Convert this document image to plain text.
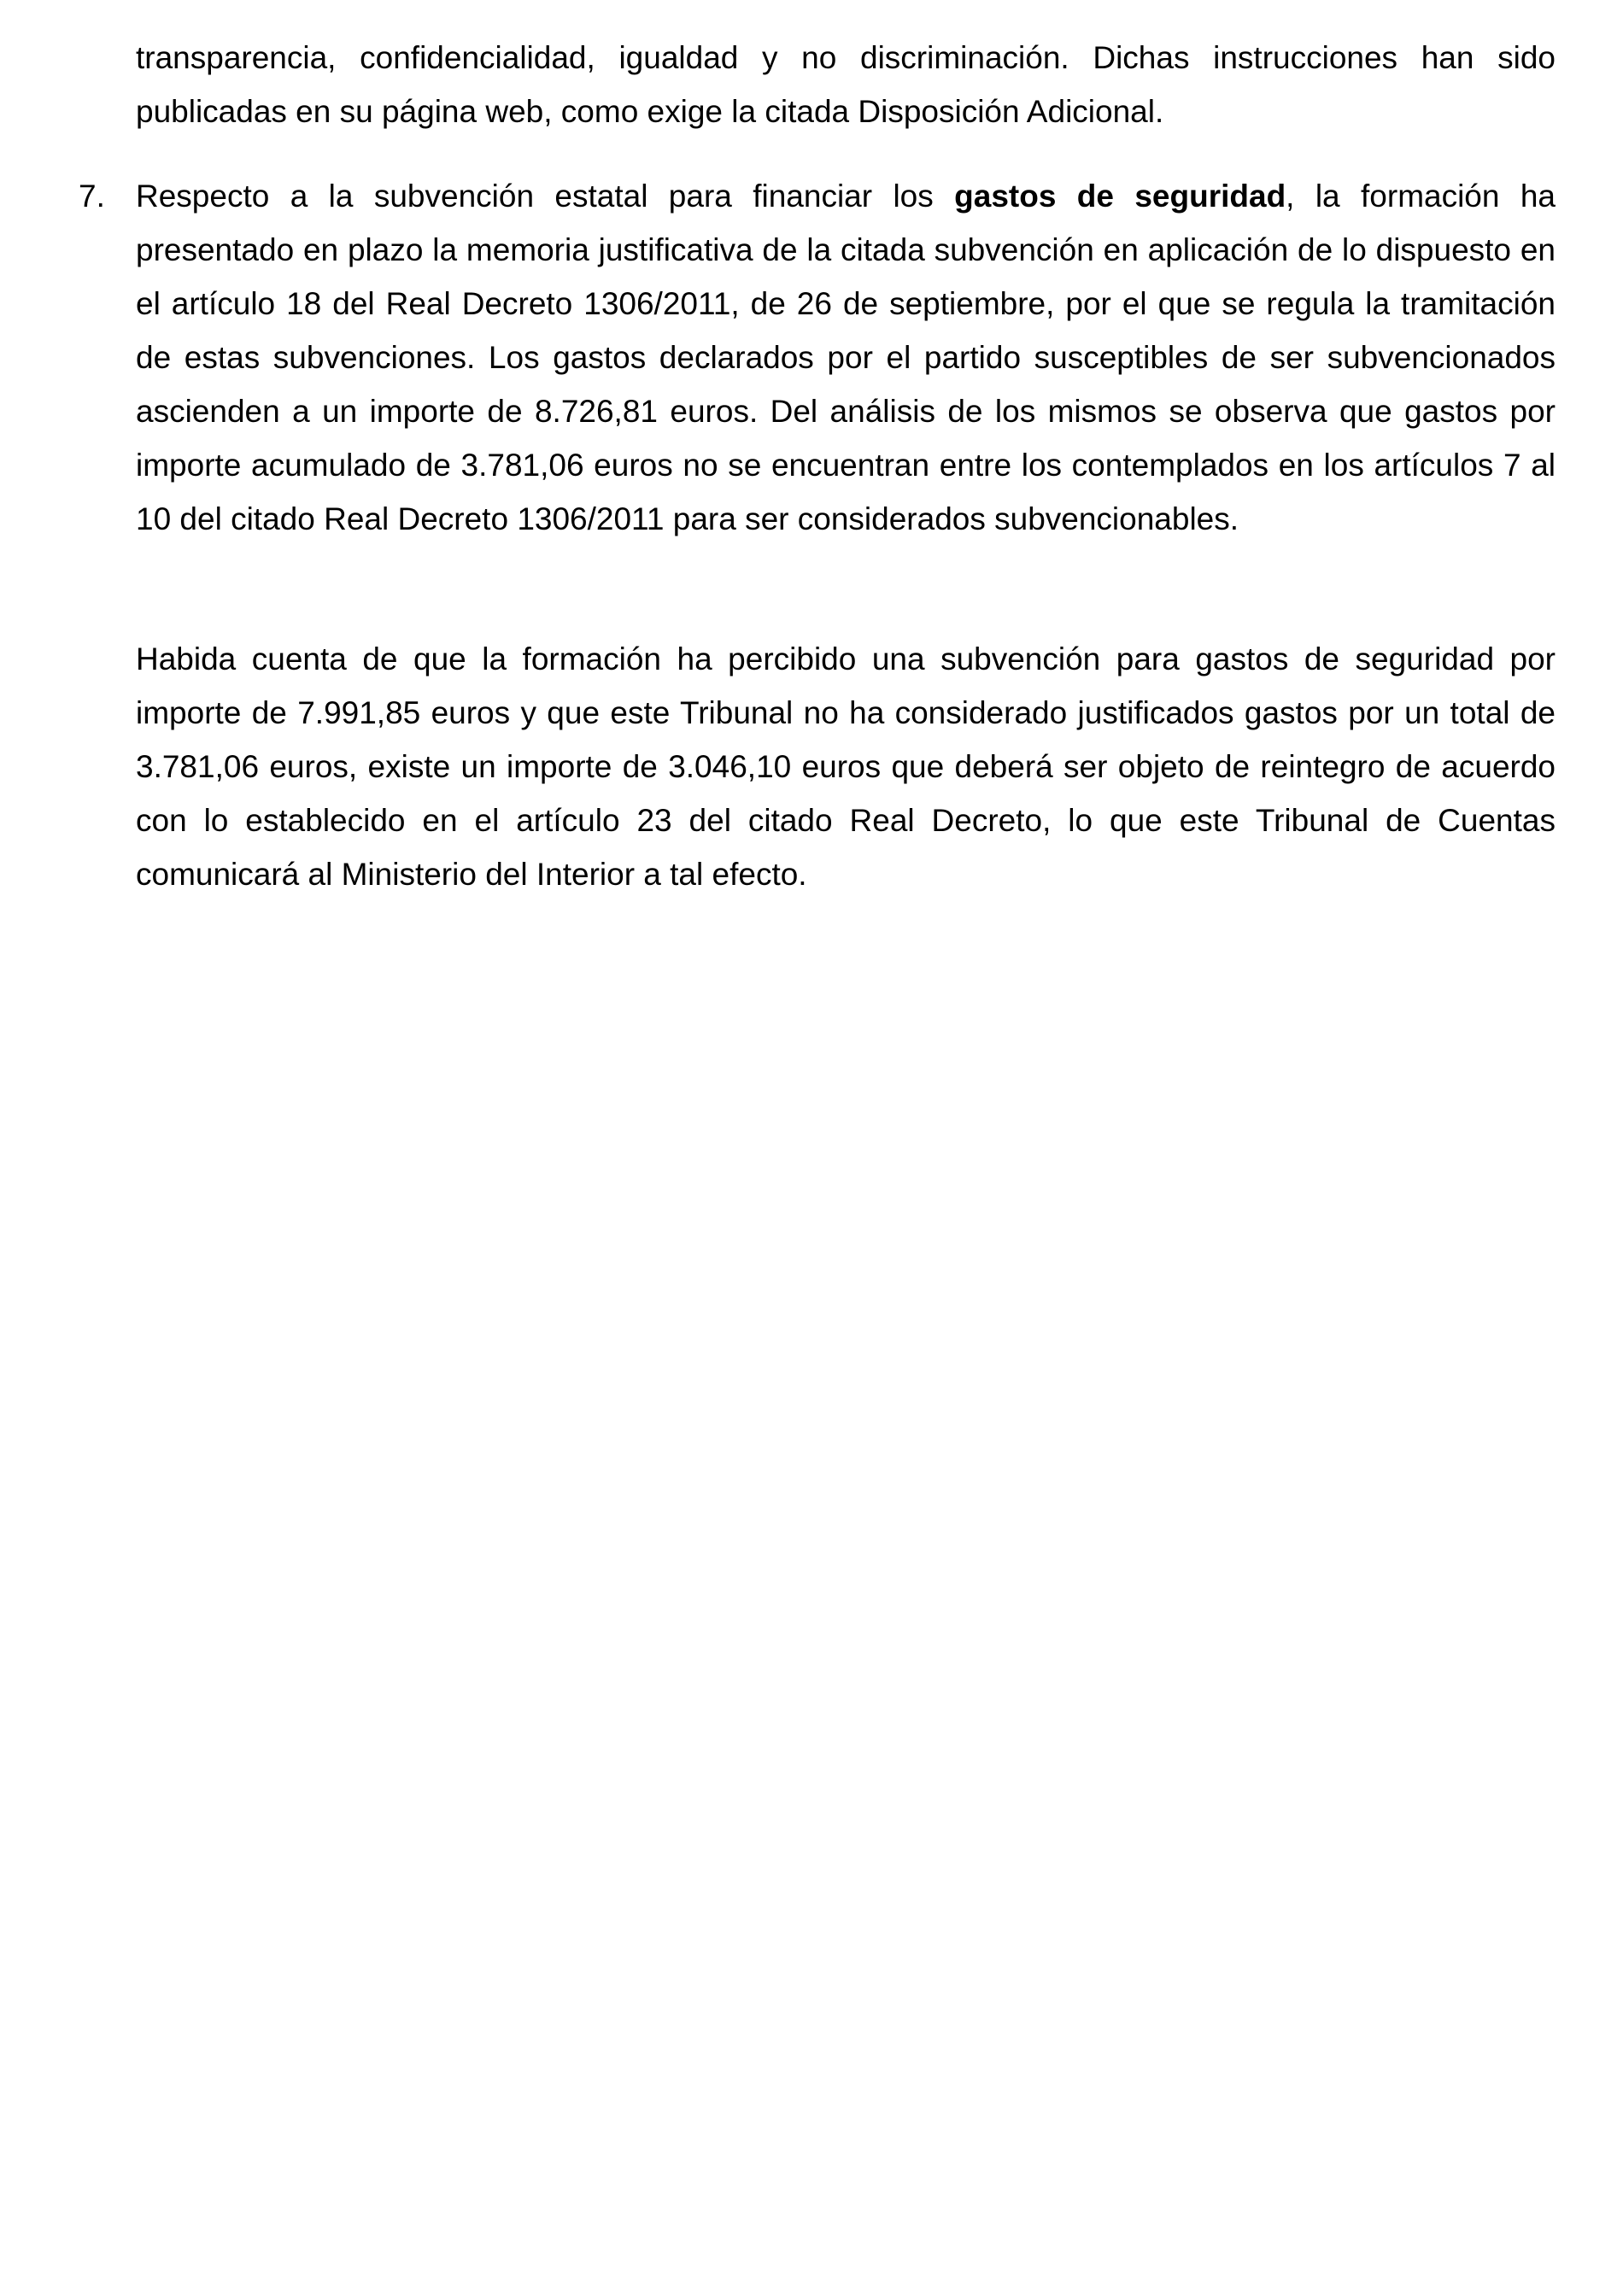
transparencia, confidencialidad, igualdad y no discriminación. Dichas instrucciones han sido publicadas en su página web, como exige la citada Disposición Adicional.

7. Respecto a la subvención estatal para financiar los gastos de seguridad, la formación ha presentado en plazo la memoria justificativa de la citada subvención en aplicación de lo dispuesto en el artículo 18 del Real Decreto 1306/2011, de 26 de septiembre, por el que se regula la tramitación de estas subvenciones. Los gastos declarados por el partido susceptibles de ser subvencionados ascienden a un importe de 8.726,81 euros. Del análisis de los mismos se observa que gastos por importe acumulado de 3.781,06 euros no se encuentran entre los contemplados en los artículos 7 al 10 del citado Real Decreto 1306/2011 para ser considerados subvencionables.

Habida cuenta de que la formación ha percibido una subvención para gastos de seguridad por importe de 7.991,85 euros y que este Tribunal no ha considerado justificados gastos por un total de 3.781,06 euros, existe un importe de 3.046,10 euros que deberá ser objeto de reintegro de acuerdo con lo establecido en el artículo 23 del citado Real Decreto, lo que este Tribunal de Cuentas comunicará al Ministerio del Interior a tal efecto.
